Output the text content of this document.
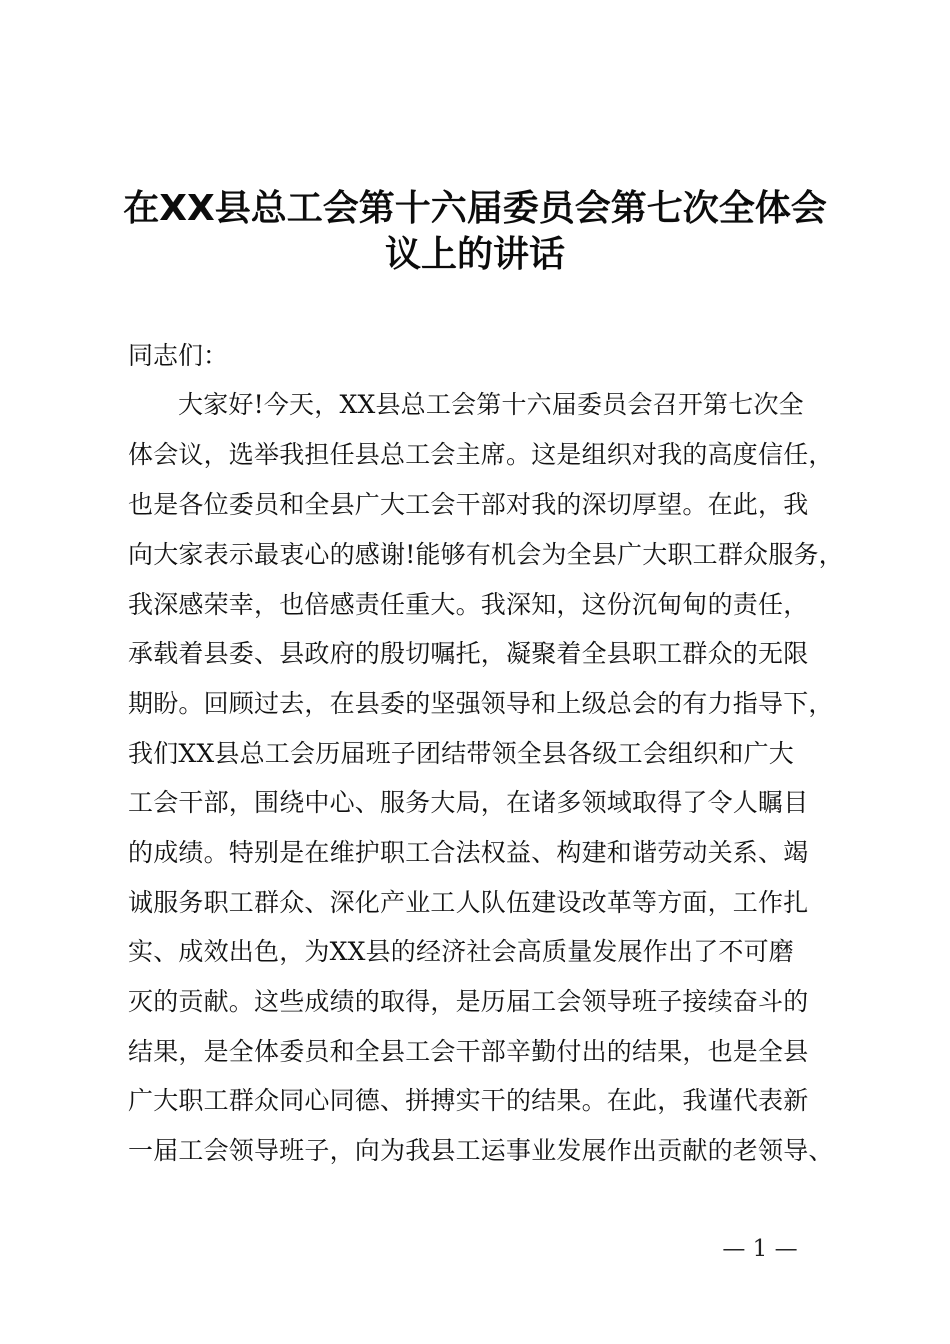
在XX县总工会第十六届委员会第七次全体会
议上的讲话
同志们：
大家好!今天，XX县总工会第十六届委员会召开第七次全
体会议，选举我担任县总工会主席。这是组织对我的高度信任，
也是各位委员和全县广大工会干部对我的深切厚望。在此，我
向大家表示最衷心的感谢!能够有机会为全县广大职工群众服务，
我深感荣幸，也倍感责任重大。我深知，这份沉甸甸的责任，
承载着县委、县政府的殷切嘱托，凝聚着全县职工群众的无限
期盼。回顾过去，在县委的坚强领导和上级总会的有力指导下，
我们XX县总工会历届班子团结带领全县各级工会组织和广大
工会干部，围绕中心、服务大局，在诸多领域取得了令人瞩目
的成绩。特别是在维护职工合法权益、构建和谐劳动关系、竭
诚服务职工群众、深化产业工人队伍建设改革等方面，工作扎
实、成效出色，为XX县的经济社会高质量发展作出了不可磨
灭的贡献。这些成绩的取得，是历届工会领导班子接续奋斗的
结果，是全体委员和全县工会干部辛勤付出的结果，也是全县
广大职工群众同心同德、拼搏实干的结果。在此，我谨代表新
一届工会领导班子，向为我县工运事业发展作出贡献的老领导、
— 1 —
